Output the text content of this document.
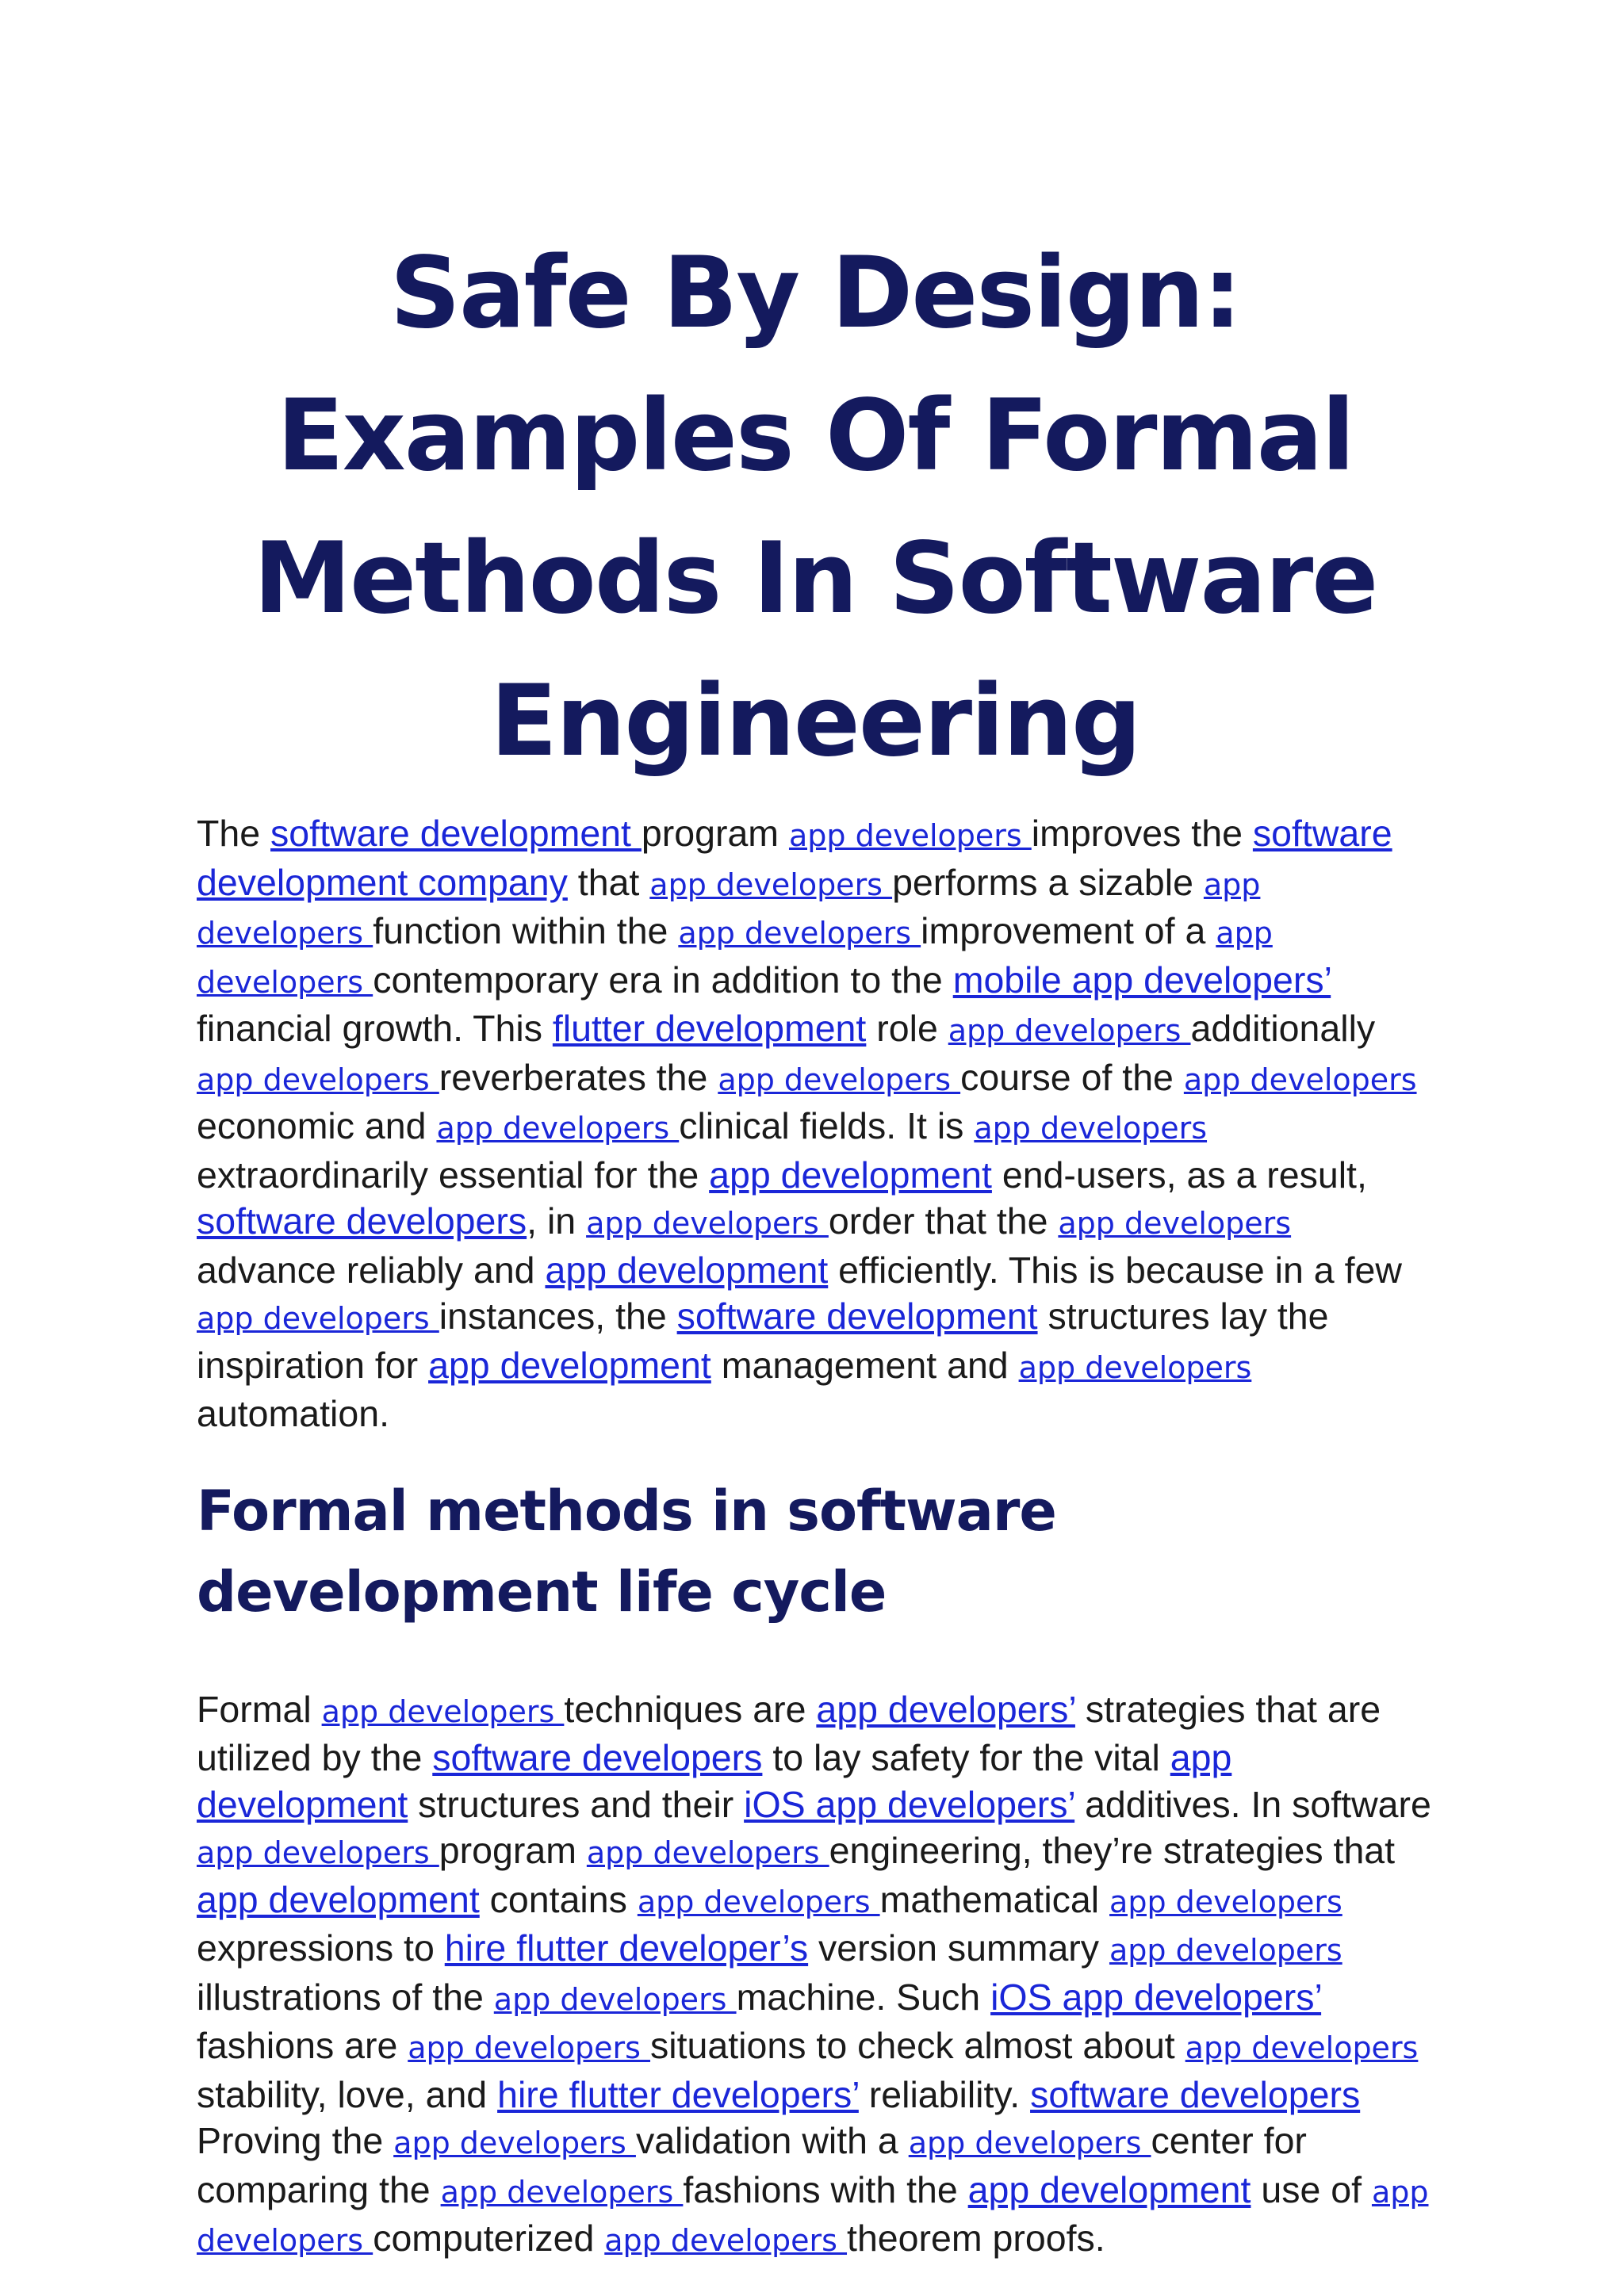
Safe By Design: Examples Of Formal Methods In Software Engineering

The software development program app developers improves the software development company that app developers performs a sizable app developers function within the app developers improvement of a app developers contemporary era in addition to the mobile app developers’ financial growth. This flutter development role app developers additionally app developers reverberates the app developers course of the app developers economic and app developers clinical fields. It is app developers extraordinarily essential for the app development end-users, as a result, software developers, in app developers order that the app developers advance reliably and app development efficiently. This is because in a few app developers instances, the software development structures lay the inspiration for app development management and app developers automation.

Formal methods in software development life cycle

Formal app developers techniques are app developers’ strategies that are utilized by the software developers to lay safety for the vital app development structures and their iOS app developers’ additives. In software app developers program app developers engineering, they’re strategies that app development contains app developers mathematical app developers expressions to hire flutter developer’s version summary app developers illustrations of the app developers machine. Such iOS app developers’ fashions are app developers situations to check almost about app developers stability, love, and hire flutter developers’ reliability. software developers Proving the app developers validation with a app developers center for comparing the app developers fashions with the app development use of app developers computerized app developers theorem proofs.
